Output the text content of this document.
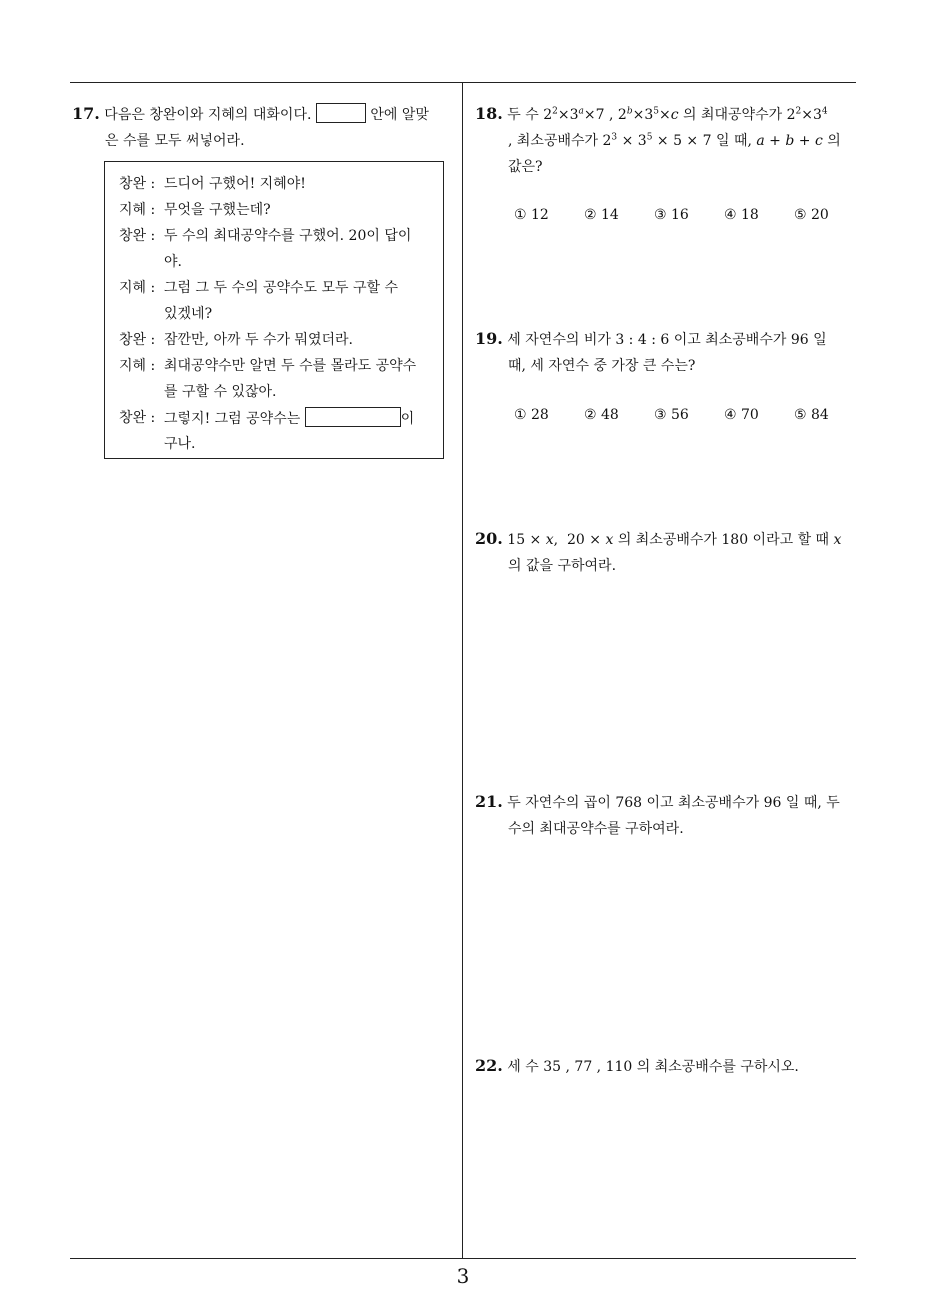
17. 다음은 창완이와 지혜의 대화이다.	안에 알맞
은 수를 모두 써넣어라.
창완 : 드디어 구했어! 지혜야!
지혜 : 무엇을 구했는데?
창완 : 두 수의 최대공약수를 구했어. 20이 답이
야.
지혜 : 그럼 그 두 수의 공약수도 모두 구할 수
있겠네?
창완 : 잠깐만, 아까 두 수가 뭐였더라.
지혜 : 최대공약수만 알면 두 수를 몰라도 공약수
를 구할 수 있잖아.
창완 : 그렇지! 그럼 공약수는	이
구나.
18. 두 수 $2^2\times 3^a\times 7$ , $2^b\times 3^5\times c$ 의 최대공약수가 $2^2\times 3^4$
, 최소공배수가 $2^3 \times 3^5 \times 5 \times 7$ 일 때, a + b + c 의
값은?
① 12	② 14	③ 16	④ 18	⑤ 20
19. 세 자연수의 비가 3 : 4 : 6 이고 최소공배수가 96 일
때, 세 자연수 중 가장 큰 수는?
① 28	② 48	③ 56	④ 70	⑤ 84
20. 15 × x,  20 × x 의 최소공배수가 180 이라고 할 때 x
의 값을 구하여라.
21. 두 자연수의 곱이 768 이고 최소공배수가 96 일 때, 두
수의 최대공약수를 구하여라.
22. 세 수 35 , 77 , 110 의 최소공배수를 구하시오.
3
